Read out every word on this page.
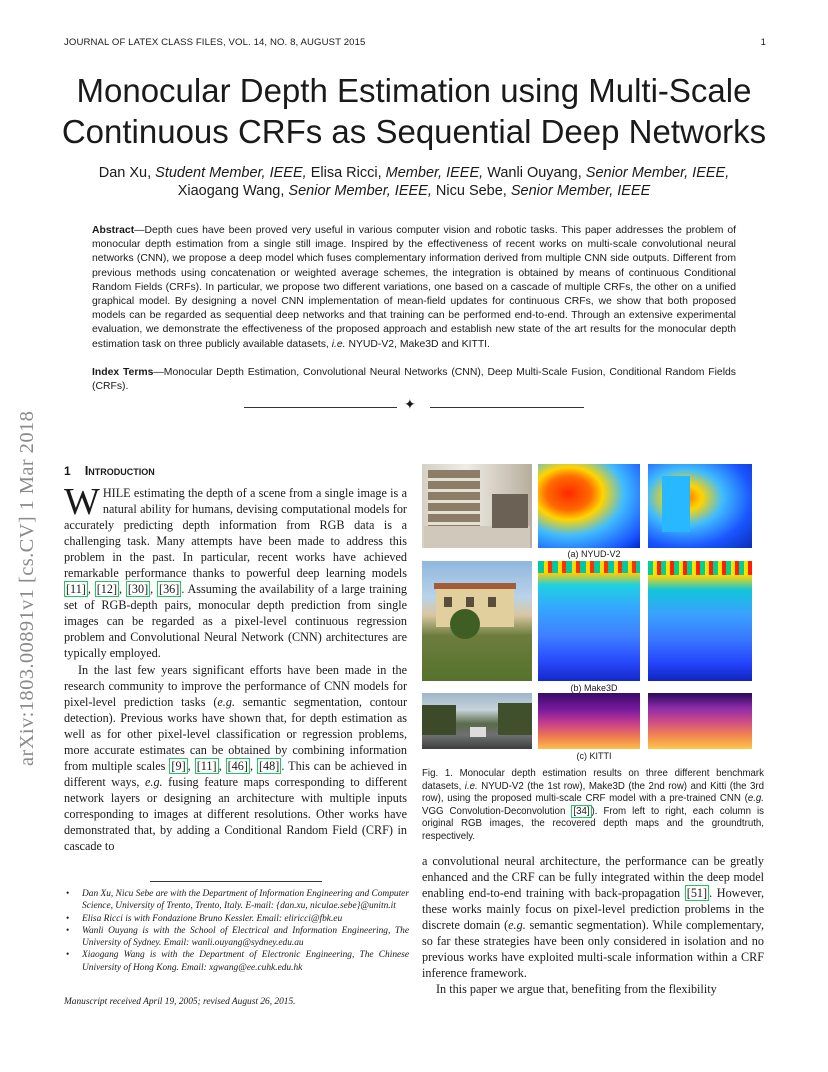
JOURNAL OF LATEX CLASS FILES, VOL. 14, NO. 8, AUGUST 2015	1
Monocular Depth Estimation using Multi-Scale Continuous CRFs as Sequential Deep Networks
Dan Xu, Student Member, IEEE, Elisa Ricci, Member, IEEE, Wanli Ouyang, Senior Member, IEEE,
Xiaogang Wang, Senior Member, IEEE, Nicu Sebe, Senior Member, IEEE
Abstract—Depth cues have been proved very useful in various computer vision and robotic tasks. This paper addresses the problem of monocular depth estimation from a single still image. Inspired by the effectiveness of recent works on multi-scale convolutional neural networks (CNN), we propose a deep model which fuses complementary information derived from multiple CNN side outputs. Different from previous methods using concatenation or weighted average schemes, the integration is obtained by means of continuous Conditional Random Fields (CRFs). In particular, we propose two different variations, one based on a cascade of multiple CRFs, the other on a unified graphical model. By designing a novel CNN implementation of mean-field updates for continuous CRFs, we show that both proposed models can be regarded as sequential deep networks and that training can be performed end-to-end. Through an extensive experimental evaluation, we demonstrate the effectiveness of the proposed approach and establish new state of the art results for the monocular depth estimation task on three publicly available datasets, i.e. NYUD-V2, Make3D and KITTI.
Index Terms—Monocular Depth Estimation, Convolutional Neural Networks (CNN), Deep Multi-Scale Fusion, Conditional Random Fields (CRFs).
✦
1 Introduction

WHILE estimating the depth of a scene from a single image is a natural ability for humans, devising computational models for accurately predicting depth information from RGB data is a challenging task. Many attempts have been made to address this problem in the past. In particular, recent works have achieved remarkable performance thanks to powerful deep learning models [11] , [12] , [30] , [36] . Assuming the availability of a large training set of RGB-depth pairs, monocular depth prediction from single images can be regarded as a pixel-level continuous regression problem and Convolutional Neural Network (CNN) architectures are typically employed.

In the last few years significant efforts have been made in the research community to improve the performance of CNN models for pixel-level prediction tasks (e.g. semantic segmentation, contour detection). Previous works have shown that, for depth estimation as well as for other pixel-level classification or regression problems, more accurate estimates can be obtained by combining information from multiple scales [9] , [11] , [46] , [48] . This can be achieved in different ways, e.g. fusing feature maps corresponding to different network layers or designing an architecture with multiple inputs corresponding to images at different resolutions. Other works have demonstrated that, by adding a Conditional Random Field (CRF) in cascade to

• Dan Xu, Nicu Sebe are with the Department of Information Engineering and Computer Science, University of Trento, Trento, Italy. E-mail: {dan.xu, niculae.sebe}@unitn.it
• Elisa Ricci is with Fondazione Bruno Kessler. Email: eliricci@fbk.eu
• Wanli Ouyang is with the School of Electrical and Information Engineering, The University of Sydney. Email: wanli.ouyang@sydney.edu.au
• Xiaogang Wang is with the Department of Electronic Engineering, The Chinese University of Hong Kong. Email: xgwang@ee.cuhk.edu.hk
Manuscript received April 19, 2005; revised August 26, 2015.
(a) NYUD-V2
(b) Make3D
(c) KITTI
Fig. 1. Monocular depth estimation results on three different benchmark datasets, i.e. NYUD-V2 (the 1st row), Make3D (the 2nd row) and Kitti (the 3rd row), using the proposed multi-scale CRF model with a pre-trained CNN (e.g. VGG Convolution-Deconvolution [34] ). From left to right, each column is original RGB images, the recovered depth maps and the groundtruth, respectively.

a convolutional neural architecture, the performance can be greatly enhanced and the CRF can be fully integrated within the deep model enabling end-to-end training with back-propagation [51] . However, these works mainly focus on pixel-level prediction problems in the discrete domain (e.g. semantic segmentation). While complementary, so far these strategies have been only considered in isolation and no previous works have exploited multi-scale information within a CRF inference framework.

In this paper we argue that, benefiting from the flexibility

arXiv:1803.00891v1 [cs.CV] 1 Mar 2018
